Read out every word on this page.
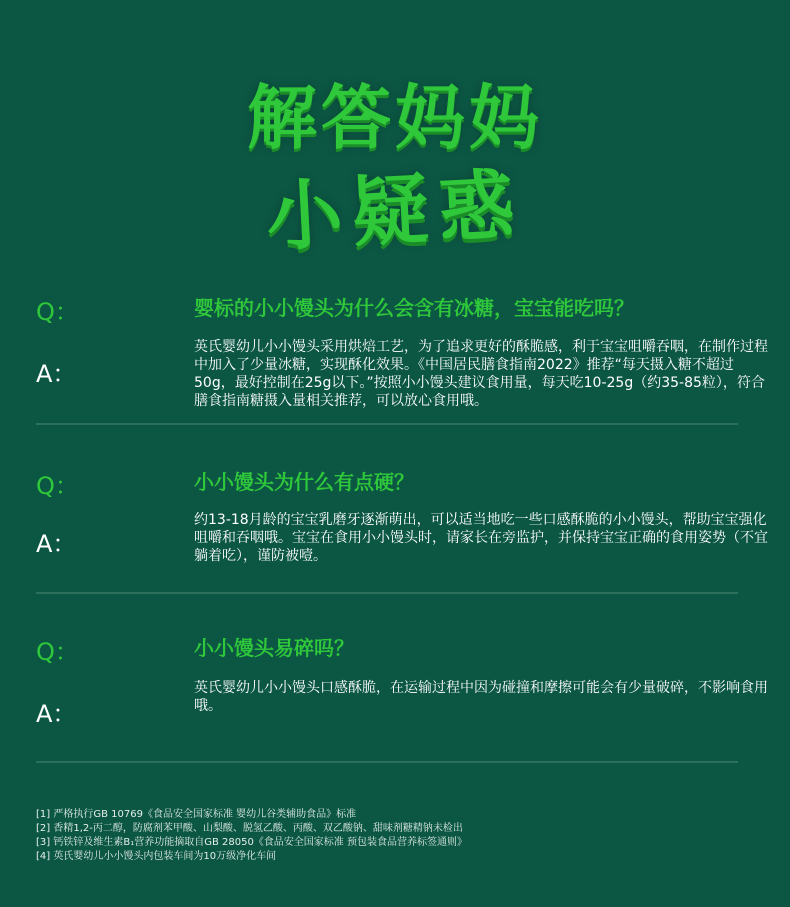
解答妈妈
小疑惑
Q：	婴标的小小馒头为什么会含有冰糖，宝宝能吃吗？
A：
英氏婴幼儿小小馒头采用烘焙工艺，为了追求更好的酥脆感，利于宝宝咀嚼吞咽，在制作过程中加入了少量冰糖，实现酥化效果。《中国居民膳食指南2022》推荐“每天摄入糖不超过50g，最好控制在25g以下。”按照小小馒头建议食用量，每天吃10-25g（约35-85粒），符合膳食指南糖摄入量相关推荐，可以放心食用哦。
Q：	小小馒头为什么有点硬？
A：
约13-18月龄的宝宝乳磨牙逐渐萌出，可以适当地吃一些口感酥脆的小小馒头，帮助宝宝强化咀嚼和吞咽哦。宝宝在食用小小馒头时，请家长在旁监护，并保持宝宝正确的食用姿势（不宜躺着吃），谨防被噎。
Q：	小小馒头易碎吗？
A：
英氏婴幼儿小小馒头口感酥脆，在运输过程中因为碰撞和摩擦可能会有少量破碎，不影响食用哦。
[1] 严格执行GB 10769《食品安全国家标准 婴幼儿谷类辅助食品》标准
[2] 香精1,2-丙二醇，防腐剂苯甲酸、山梨酸、脱氢乙酸、丙酸、双乙酸钠、甜味剂糖精钠未检出
[3] 钙铁锌及维生素B₁营养功能摘取自GB 28050《食品安全国家标准 预包装食品营养标签通则》
[4] 英氏婴幼儿小小馒头内包装车间为10万级净化车间
